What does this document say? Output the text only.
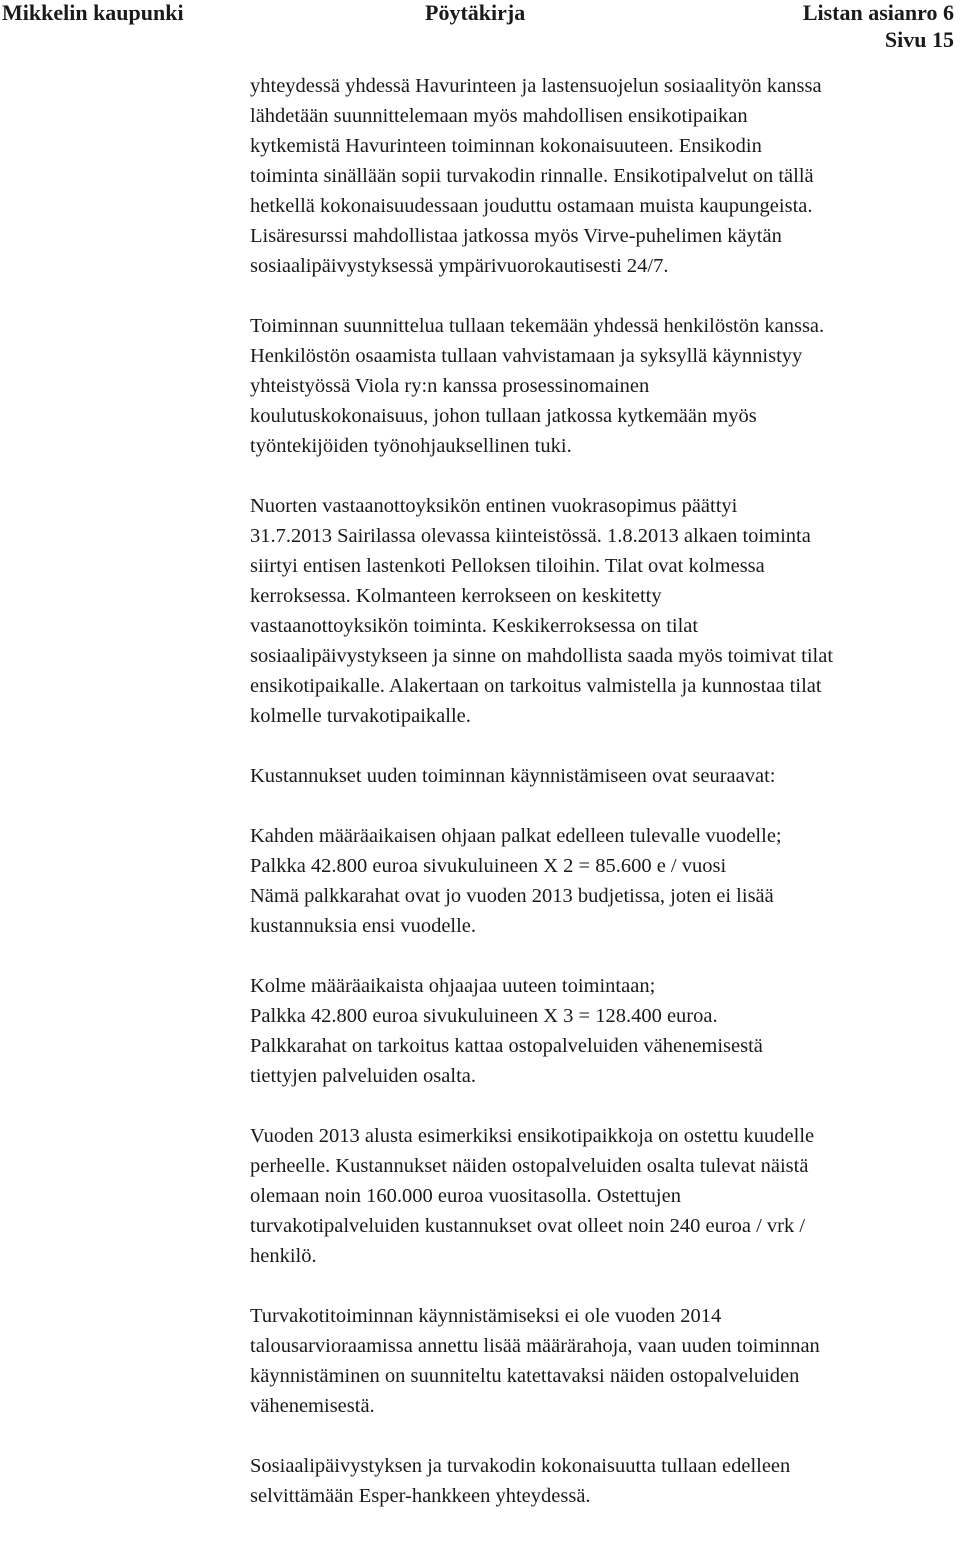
Mikkelin kaupunki	Pöytäkirja	Listan asianro 6
Sivu 15

yhteydessä yhdessä Havurinteen ja lastensuojelun sosiaalityön kanssa
lähdetään suunnittelemaan myös mahdollisen ensikotipaikan
kytkemistä Havurinteen toiminnan kokonaisuuteen. Ensikodin
toiminta sinällään sopii turvakodin rinnalle. Ensikotipalvelut on tällä
hetkellä kokonaisuudessaan jouduttu ostamaan muista kaupungeista.
Lisäresurssi mahdollistaa jatkossa myös Virve-puhelimen käytän
sosiaalipäivystyksessä ympärivuorokautisesti 24/7.

Toiminnan suunnittelua tullaan tekemään yhdessä henkilöstön kanssa.
Henkilöstön osaamista tullaan vahvistamaan ja syksyllä käynnistyy
yhteistyössä Viola ry:n kanssa prosessinomainen
koulutuskokonaisuus, johon tullaan jatkossa kytkemään myös
työntekijöiden työnohjauksellinen tuki.

Nuorten vastaanottoyksikön entinen vuokrasopimus päättyi
31.7.2013 Sairilassa olevassa kiinteistössä. 1.8.2013 alkaen toiminta
siirtyi entisen lastenkoti Pelloksen tiloihin. Tilat ovat kolmessa
kerroksessa. Kolmanteen kerrokseen on keskitetty
vastaanottoyksikön toiminta. Keskikerroksessa on tilat
sosiaalipäivystykseen ja sinne on mahdollista saada myös toimivat tilat
ensikotipaikalle. Alakertaan on tarkoitus valmistella ja kunnostaa tilat
kolmelle turvakotipaikalle.

Kustannukset uuden toiminnan käynnistämiseen ovat seuraavat:

Kahden määräaikaisen ohjaan palkat edelleen tulevalle vuodelle;
Palkka 42.800 euroa sivukuluineen X 2 = 85.600 e / vuosi
Nämä palkkarahat ovat jo vuoden 2013 budjetissa, joten ei lisää
kustannuksia ensi vuodelle.

Kolme määräaikaista ohjaajaa uuteen toimintaan;
Palkka 42.800 euroa sivukuluineen X 3 = 128.400 euroa.
Palkkarahat on tarkoitus kattaa ostopalveluiden vähenemisestä
tiettyjen palveluiden osalta.

Vuoden 2013 alusta esimerkiksi ensikotipaikkoja on ostettu kuudelle
perheelle. Kustannukset näiden ostopalveluiden osalta tulevat näistä
olemaan noin 160.000 euroa vuositasolla. Ostettujen
turvakotipalveluiden kustannukset ovat olleet noin 240 euroa / vrk /
henkilö.

Turvakotitoiminnan käynnistämiseksi ei ole vuoden 2014
talousarvioraamissa annettu lisää määrärahoja, vaan uuden toiminnan
käynnistäminen on suunniteltu katettavaksi näiden ostopalveluiden
vähenemisestä.

Sosiaalipäivystyksen ja turvakodin kokonaisuutta tullaan edelleen
selvittämään Esper-hankkeen yhteydessä.
